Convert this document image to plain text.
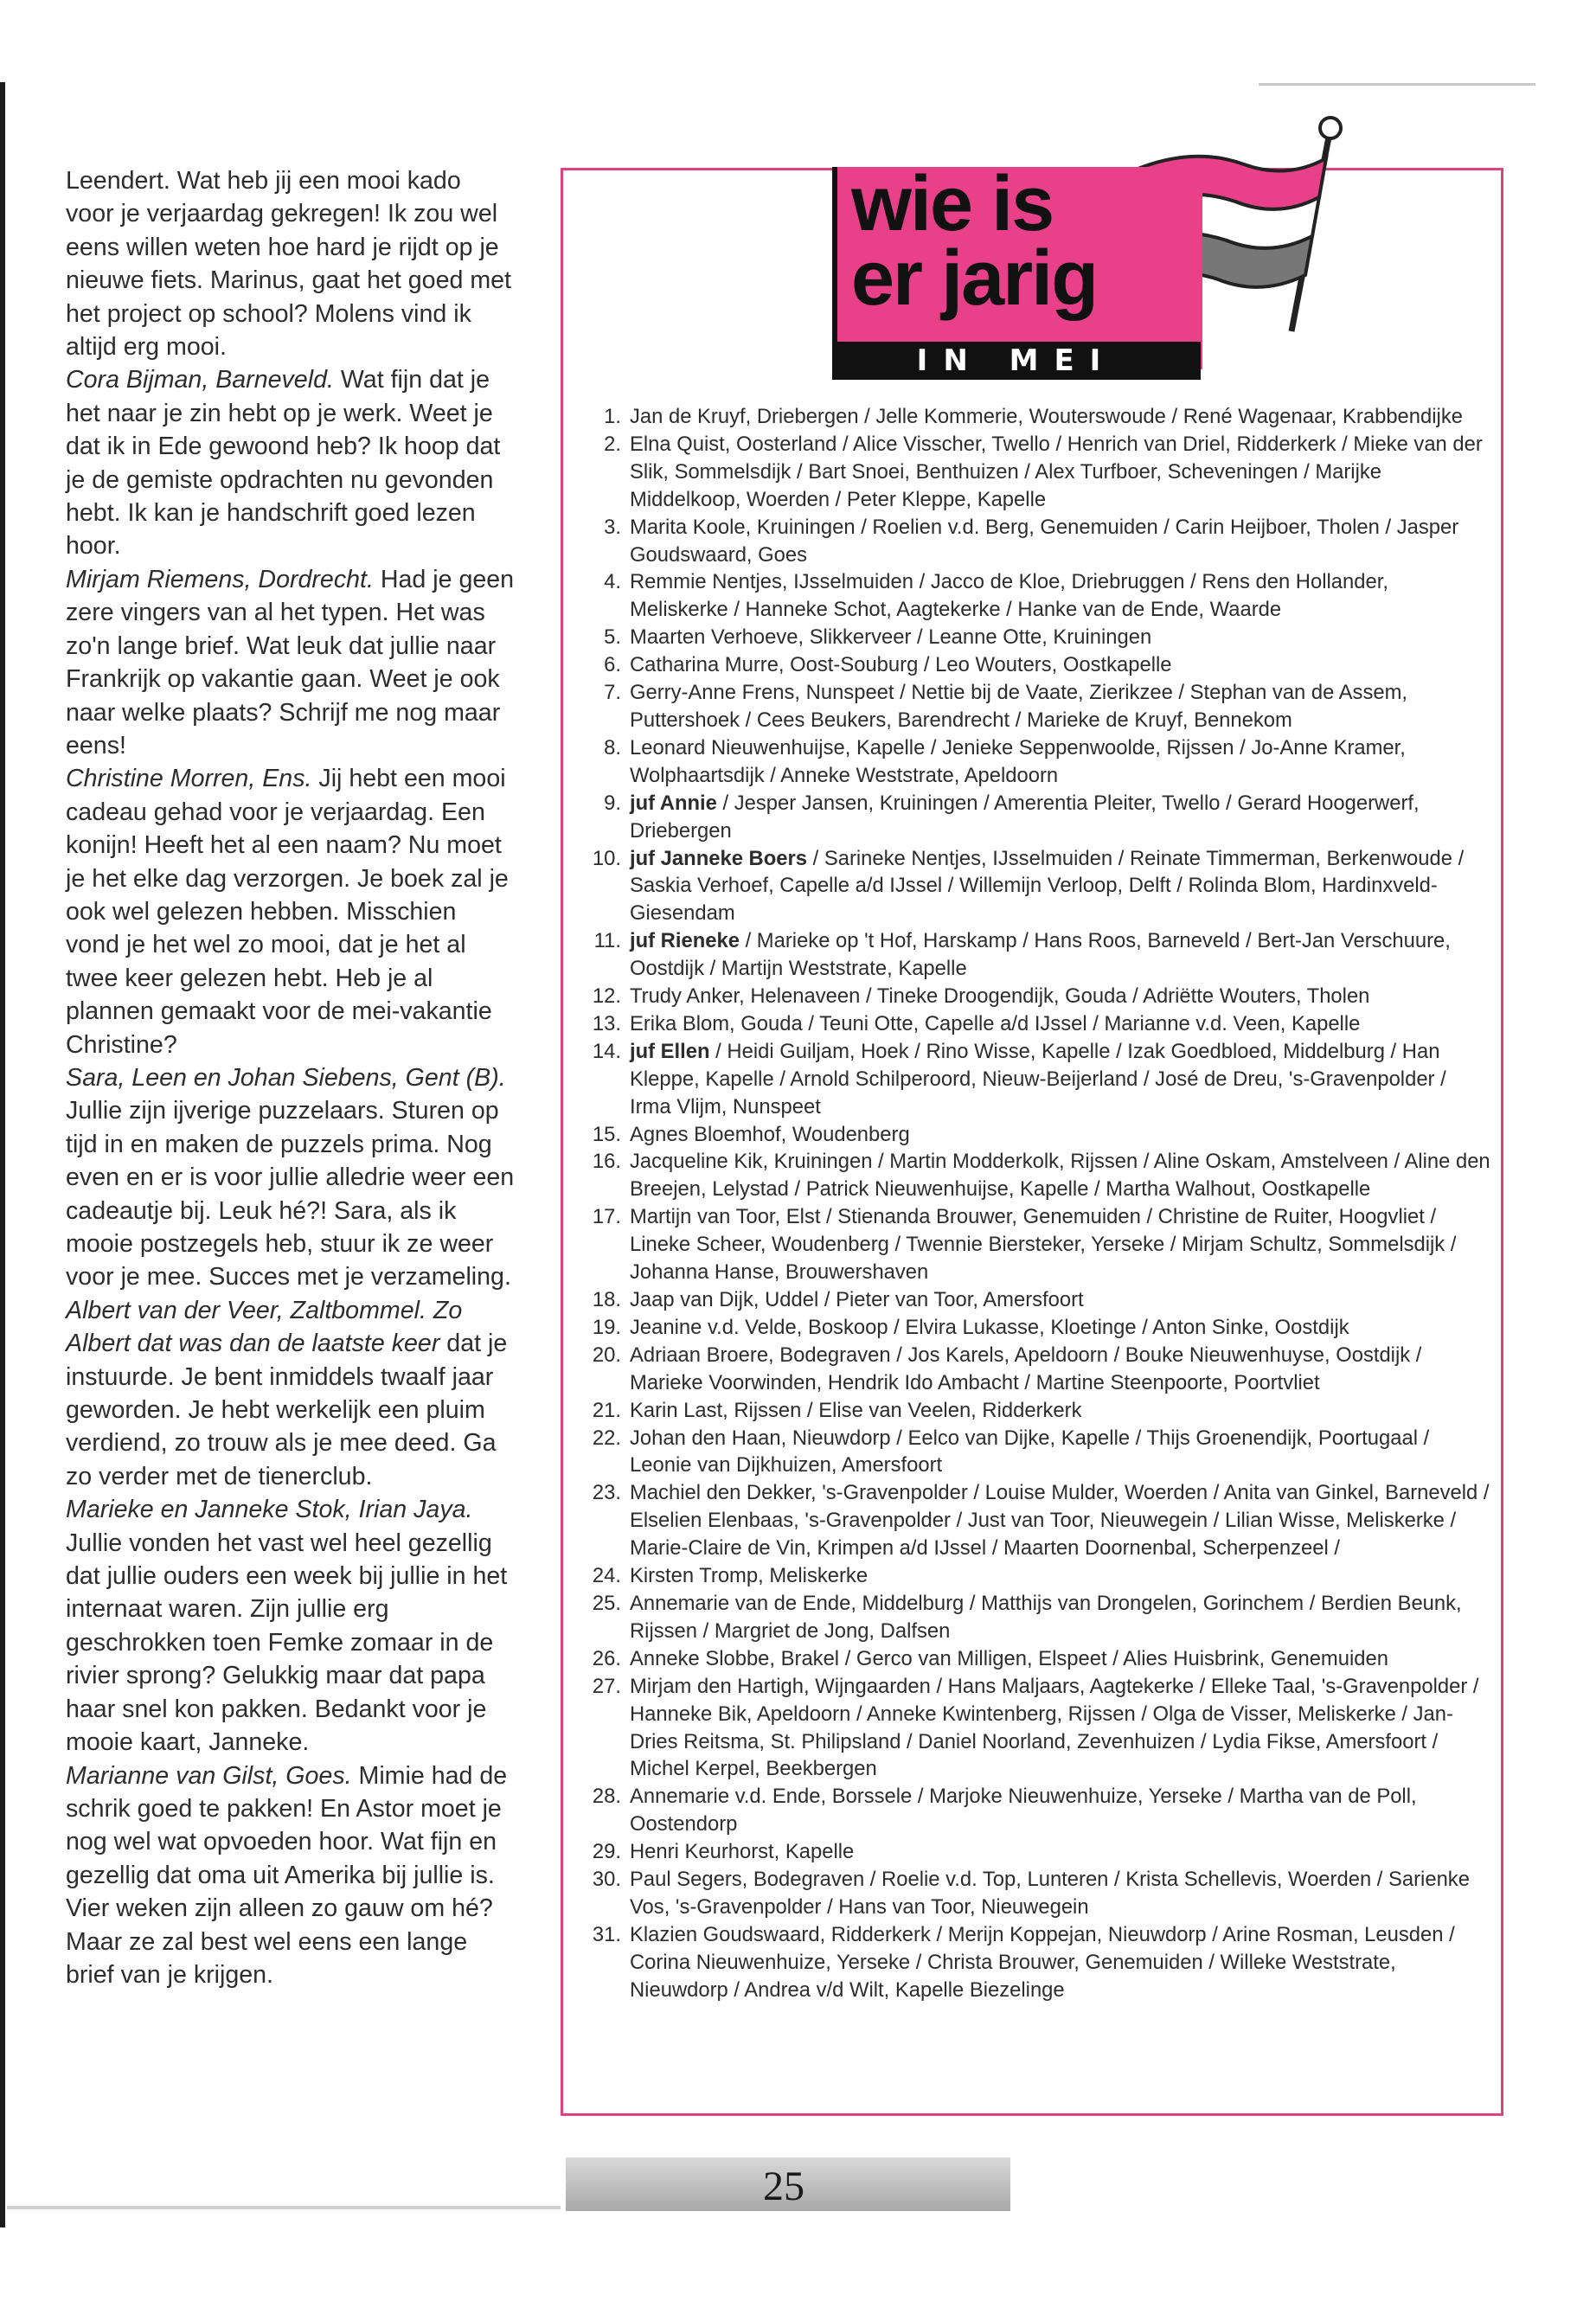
Leendert. Wat heb jij een mooi kado voor je verjaardag gekregen! Ik zou wel eens willen weten hoe hard je rijdt op je nieuwe fiets. Marinus, gaat het goed met het project op school? Molens vind ik altijd erg mooi.

Cora Bijman, Barneveld. Wat fijn dat je het naar je zin hebt op je werk. Weet je dat ik in Ede gewoond heb? Ik hoop dat je de gemiste opdrachten nu gevonden hebt. Ik kan je handschrift goed lezen hoor.

Mirjam Riemens, Dordrecht. Had je geen zere vingers van al het typen. Het was zo'n lange brief. Wat leuk dat jullie naar Frankrijk op vakantie gaan. Weet je ook naar welke plaats? Schrijf me nog maar eens!

Christine Morren, Ens. Jij hebt een mooi cadeau gehad voor je verjaardag. Een konijn! Heeft het al een naam? Nu moet je het elke dag verzorgen. Je boek zal je ook wel gelezen hebben. Misschien vond je het wel zo mooi, dat je het al twee keer gelezen hebt. Heb je al plannen gemaakt voor de mei-vakantie Christine?

Sara, Leen en Johan Siebens, Gent (B). Jullie zijn ijverige puzzelaars. Sturen op tijd in en maken de puzzels prima. Nog even en er is voor jullie alledrie weer een cadeautje bij. Leuk hé?! Sara, als ik mooie postzegels heb, stuur ik ze weer voor je mee. Succes met je verzameling.

Albert van der Veer, Zaltbommel. Zo Albert dat was dan de laatste keer dat je instuurde. Je bent inmiddels twaalf jaar geworden. Je hebt werkelijk een pluim verdiend, zo trouw als je mee deed. Ga zo verder met de tienerclub.

Marieke en Janneke Stok, Irian Jaya. Jullie vonden het vast wel heel gezellig dat jullie ouders een week bij jullie in het internaat waren. Zijn jullie erg geschrokken toen Femke zomaar in de rivier sprong? Gelukkig maar dat papa haar snel kon pakken. Bedankt voor je mooie kaart, Janneke.

Marianne van Gilst, Goes. Mimie had de schrik goed te pakken! En Astor moet je nog wel wat opvoeden hoor. Wat fijn en gezellig dat oma uit Amerika bij jullie is. Vier weken zijn alleen zo gauw om hé? Maar ze zal best wel eens een lange brief van je krijgen.

wie is
er jarig
IN MEI
1. Jan de Kruyf, Driebergen / Jelle Kommerie, Wouterswoude / René Wagenaar, Krabbendijke
2. Elna Quist, Oosterland / Alice Visscher, Twello / Henrich van Driel, Ridderkerk / Mieke van der Slik, Sommelsdijk / Bart Snoei, Benthuizen / Alex Turfboer, Scheveningen / Marijke Middelkoop, Woerden / Peter Kleppe, Kapelle
3. Marita Koole, Kruiningen / Roelien v.d. Berg, Genemuiden / Carin Heijboer, Tholen / Jasper Goudswaard, Goes
4. Remmie Nentjes, IJsselmuiden / Jacco de Kloe, Driebruggen / Rens den Hollander, Meliskerke / Hanneke Schot, Aagtekerke / Hanke van de Ende, Waarde
5. Maarten Verhoeve, Slikkerveer / Leanne Otte, Kruiningen
6. Catharina Murre, Oost-Souburg / Leo Wouters, Oostkapelle
7. Gerry-Anne Frens, Nunspeet / Nettie bij de Vaate, Zierikzee / Stephan van de Assem, Puttershoek / Cees Beukers, Barendrecht / Marieke de Kruyf, Bennekom
8. Leonard Nieuwenhuijse, Kapelle / Jenieke Seppenwoolde, Rijssen / Jo-Anne Kramer, Wolphaartsdijk / Anneke Weststrate, Apeldoorn
9. juf Annie / Jesper Jansen, Kruiningen / Amerentia Pleiter, Twello / Gerard Hoogerwerf, Driebergen
10. juf Janneke Boers / Sarineke Nentjes, IJsselmuiden / Reinate Timmerman, Berkenwoude / Saskia Verhoef, Capelle a/d IJssel / Willemijn Verloop, Delft / Rolinda Blom, Hardinxveld-Giesendam
11. juf Rieneke / Marieke op 't Hof, Harskamp / Hans Roos, Barneveld / Bert-Jan Verschuure, Oostdijk / Martijn Weststrate, Kapelle
12. Trudy Anker, Helenaveen / Tineke Droogendijk, Gouda / Adriëtte Wouters, Tholen
13. Erika Blom, Gouda / Teuni Otte, Capelle a/d IJssel / Marianne v.d. Veen, Kapelle
14. juf Ellen / Heidi Guiljam, Hoek / Rino Wisse, Kapelle / Izak Goedbloed, Middelburg / Han Kleppe, Kapelle / Arnold Schilperoord, Nieuw-Beijerland / José de Dreu, 's-Gravenpolder / Irma Vlijm, Nunspeet
15. Agnes Bloemhof, Woudenberg
16. Jacqueline Kik, Kruiningen / Martin Modderkolk, Rijssen / Aline Oskam, Amstelveen / Aline den Breejen, Lelystad / Patrick Nieuwenhuijse, Kapelle / Martha Walhout, Oostkapelle
17. Martijn van Toor, Elst / Stienanda Brouwer, Genemuiden / Christine de Ruiter, Hoogvliet / Lineke Scheer, Woudenberg / Twennie Biersteker, Yerseke / Mirjam Schultz, Sommelsdijk / Johanna Hanse, Brouwershaven
18. Jaap van Dijk, Uddel / Pieter van Toor, Amersfoort
19. Jeanine v.d. Velde, Boskoop / Elvira Lukasse, Kloetinge / Anton Sinke, Oostdijk
20. Adriaan Broere, Bodegraven / Jos Karels, Apeldoorn / Bouke Nieuwenhuyse, Oostdijk / Marieke Voorwinden, Hendrik Ido Ambacht / Martine Steenpoorte, Poortvliet
21. Karin Last, Rijssen / Elise van Veelen, Ridderkerk
22. Johan den Haan, Nieuwdorp / Eelco van Dijke, Kapelle / Thijs Groenendijk, Poortugaal / Leonie van Dijkhuizen, Amersfoort
23. Machiel den Dekker, 's-Gravenpolder / Louise Mulder, Woerden / Anita van Ginkel, Barneveld / Elselien Elenbaas, 's-Gravenpolder / Just van Toor, Nieuwegein / Lilian Wisse, Meliskerke / Marie-Claire de Vin, Krimpen a/d IJssel / Maarten Doornenbal, Scherpenzeel /
24. Kirsten Tromp, Meliskerke
25. Annemarie van de Ende, Middelburg / Matthijs van Drongelen, Gorinchem / Berdien Beunk, Rijssen / Margriet de Jong, Dalfsen
26. Anneke Slobbe, Brakel / Gerco van Milligen, Elspeet / Alies Huisbrink, Genemuiden
27. Mirjam den Hartigh, Wijngaarden / Hans Maljaars, Aagtekerke / Elleke Taal, 's-Gravenpolder / Hanneke Bik, Apeldoorn / Anneke Kwintenberg, Rijssen / Olga de Visser, Meliskerke / Jan-Dries Reitsma, St. Philipsland / Daniel Noorland, Zevenhuizen / Lydia Fikse, Amersfoort / Michel Kerpel, Beekbergen
28. Annemarie v.d. Ende, Borssele / Marjoke Nieuwenhuize, Yerseke / Martha van de Poll, Oostendorp
29. Henri Keurhorst, Kapelle
30. Paul Segers, Bodegraven / Roelie v.d. Top, Lunteren / Krista Schellevis, Woerden / Sarienke Vos, 's-Gravenpolder / Hans van Toor, Nieuwegein
31. Klazien Goudswaard, Ridderkerk / Merijn Koppejan, Nieuwdorp / Arine Rosman, Leusden / Corina Nieuwenhuize, Yerseke / Christa Brouwer, Genemuiden / Willeke Weststrate, Nieuwdorp / Andrea v/d Wilt, Kapelle Biezelinge
25
